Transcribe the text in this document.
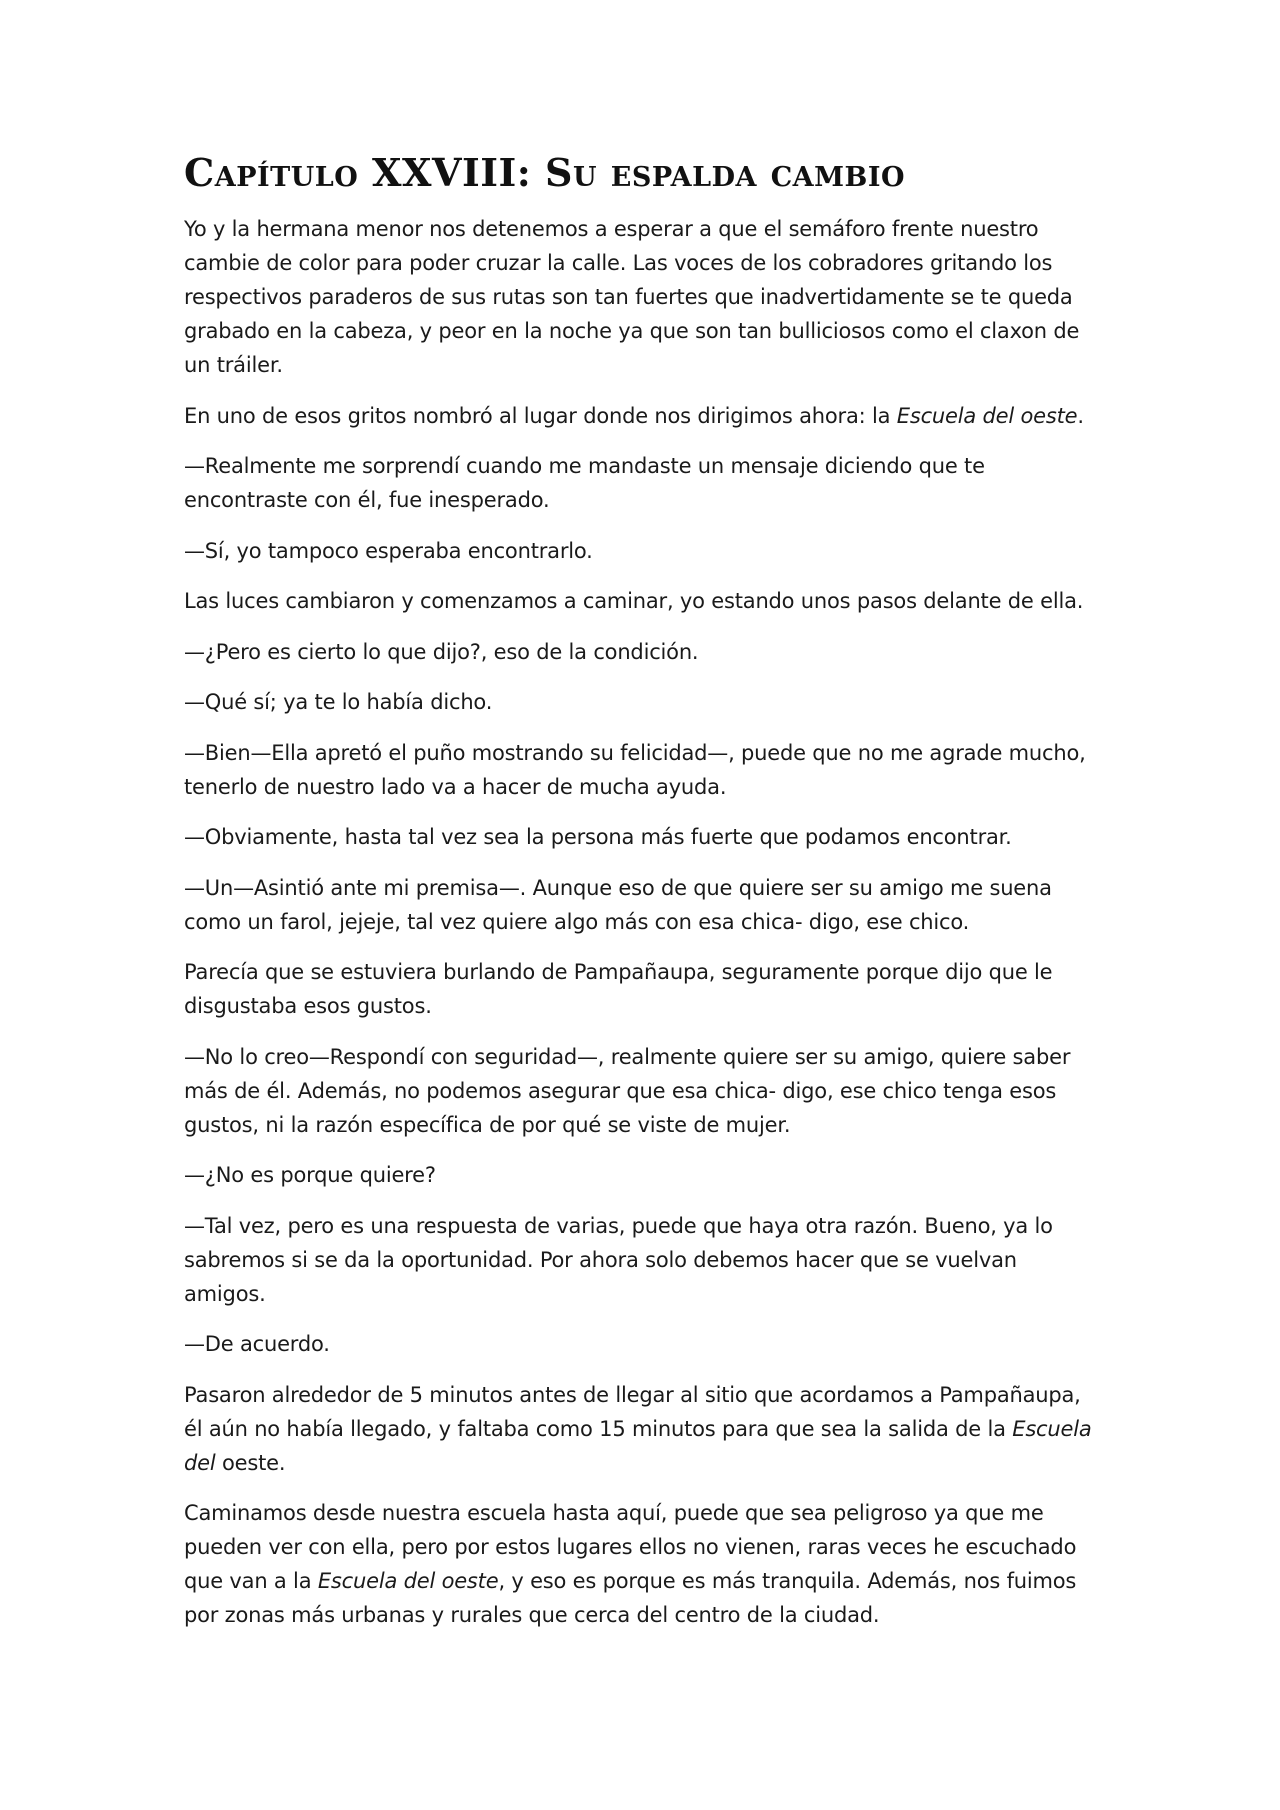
Capítulo XXVIII: Su espalda cambio

Yo y la hermana menor nos detenemos a esperar a que el semáforo frente nuestro cambie de color para poder cruzar la calle. Las voces de los cobradores gritando los respectivos paraderos de sus rutas son tan fuertes que inadvertidamente se te queda grabado en la cabeza, y peor en la noche ya que son tan bulliciosos como el claxon de un tráiler.

En uno de esos gritos nombró al lugar donde nos dirigimos ahora: la Escuela del oeste.

—Realmente me sorprendí cuando me mandaste un mensaje diciendo que te encontraste con él, fue inesperado.

—Sí, yo tampoco esperaba encontrarlo.

Las luces cambiaron y comenzamos a caminar, yo estando unos pasos delante de ella.

—¿Pero es cierto lo que dijo?, eso de la condición.

—Qué sí; ya te lo había dicho.

—Bien—Ella apretó el puño mostrando su felicidad—, puede que no me agrade mucho, tenerlo de nuestro lado va a hacer de mucha ayuda.

—Obviamente, hasta tal vez sea la persona más fuerte que podamos encontrar.

—Un—Asintió ante mi premisa—. Aunque eso de que quiere ser su amigo me suena como un farol, jejeje, tal vez quiere algo más con esa chica- digo, ese chico.

Parecía que se estuviera burlando de Pampañaupa, seguramente porque dijo que le disgustaba esos gustos.

—No lo creo—Respondí con seguridad—, realmente quiere ser su amigo, quiere saber más de él. Además, no podemos asegurar que esa chica- digo, ese chico tenga esos gustos, ni la razón específica de por qué se viste de mujer.

—¿No es porque quiere?

—Tal vez, pero es una respuesta de varias, puede que haya otra razón. Bueno, ya lo sabremos si se da la oportunidad. Por ahora solo debemos hacer que se vuelvan amigos.

—De acuerdo.

Pasaron alrededor de 5 minutos antes de llegar al sitio que acordamos a Pampañaupa, él aún no había llegado, y faltaba como 15 minutos para que sea la salida de la Escuela del oeste.

Caminamos desde nuestra escuela hasta aquí, puede que sea peligroso ya que me pueden ver con ella, pero por estos lugares ellos no vienen, raras veces he escuchado que van a la Escuela del oeste, y eso es porque es más tranquila. Además, nos fuimos por zonas más urbanas y rurales que cerca del centro de la ciudad.
